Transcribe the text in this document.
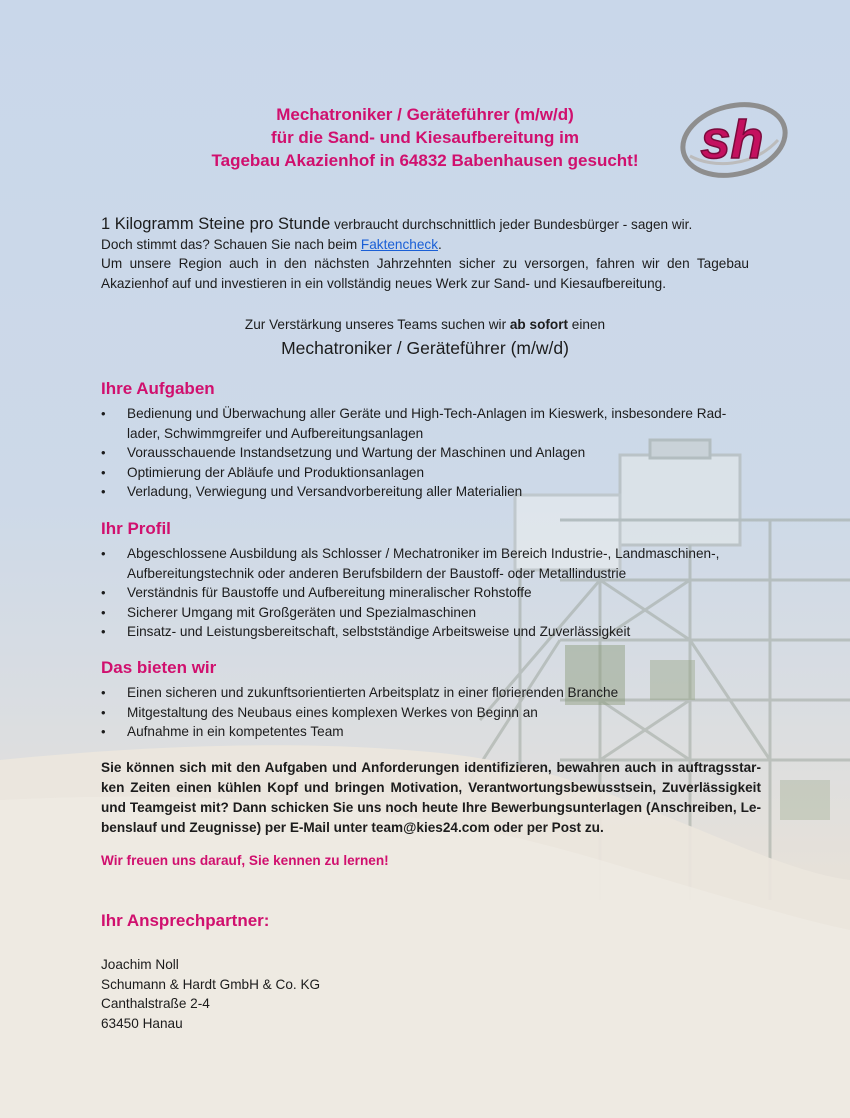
Mechatroniker / Geräteführer (m/w/d)
für die Sand- und Kiesaufbereitung im
Tagebau Akazienhof in 64832 Babenhausen gesucht!	sh

1 Kilogramm Steine pro Stunde verbraucht durchschnittlich jeder Bundesbürger - sagen wir.

Doch stimmt das? Schauen Sie nach beim Faktencheck.

Um unsere Region auch in den nächsten Jahrzehnten sicher zu versorgen, fahren wir den Tagebau Akazienhof auf und investieren in ein vollständig neues Werk zur Sand- und Kiesaufbereitung.

Zur Verstärkung unseres Teams suchen wir ab sofort einen
Mechatroniker / Geräteführer (m/w/d)
Ihre Aufgaben
• Bedienung und Überwachung aller Geräte und High-Tech-Anlagen im Kieswerk, insbesondere Rad-lader, Schwimmgreifer und Aufbereitungsanlagen
• Vorausschauende Instandsetzung und Wartung der Maschinen und Anlagen
• Optimierung der Abläufe und Produktionsanlagen
• Verladung, Verwiegung und Versandvorbereitung aller Materialien
Ihr Profil
• Abgeschlossene Ausbildung als Schlosser / Mechatroniker im Bereich Industrie-, Landmaschinen-, Aufbereitungstechnik oder anderen Berufsbildern der Baustoff- oder Metallindustrie
• Verständnis für Baustoffe und Aufbereitung mineralischer Rohstoffe
• Sicherer Umgang mit Großgeräten und Spezialmaschinen
• Einsatz- und Leistungsbereitschaft, selbstständige Arbeitsweise und Zuverlässigkeit
Das bieten wir
• Einen sicheren und zukunftsorientierten Arbeitsplatz in einer florierenden Branche
• Mitgestaltung des Neubaus eines komplexen Werkes von Beginn an
• Aufnahme in ein kompetentes Team
Sie können sich mit den Aufgaben und Anforderungen identifizieren, bewahren auch in auftragsstar-ken Zeiten einen kühlen Kopf und bringen Motivation, Verantwortungsbewusstsein, Zuverlässigkeit und Teamgeist mit? Dann schicken Sie uns noch heute Ihre Bewerbungsunterlagen (Anschreiben, Le-benslauf und Zeugnisse) per E-Mail unter team@kies24.com oder per Post zu.
Wir freuen uns darauf, Sie kennen zu lernen!
Ihr Ansprechpartner:
Joachim Noll
Schumann & Hardt GmbH & Co. KG
Canthalstraße 2-4
63450 Hanau
